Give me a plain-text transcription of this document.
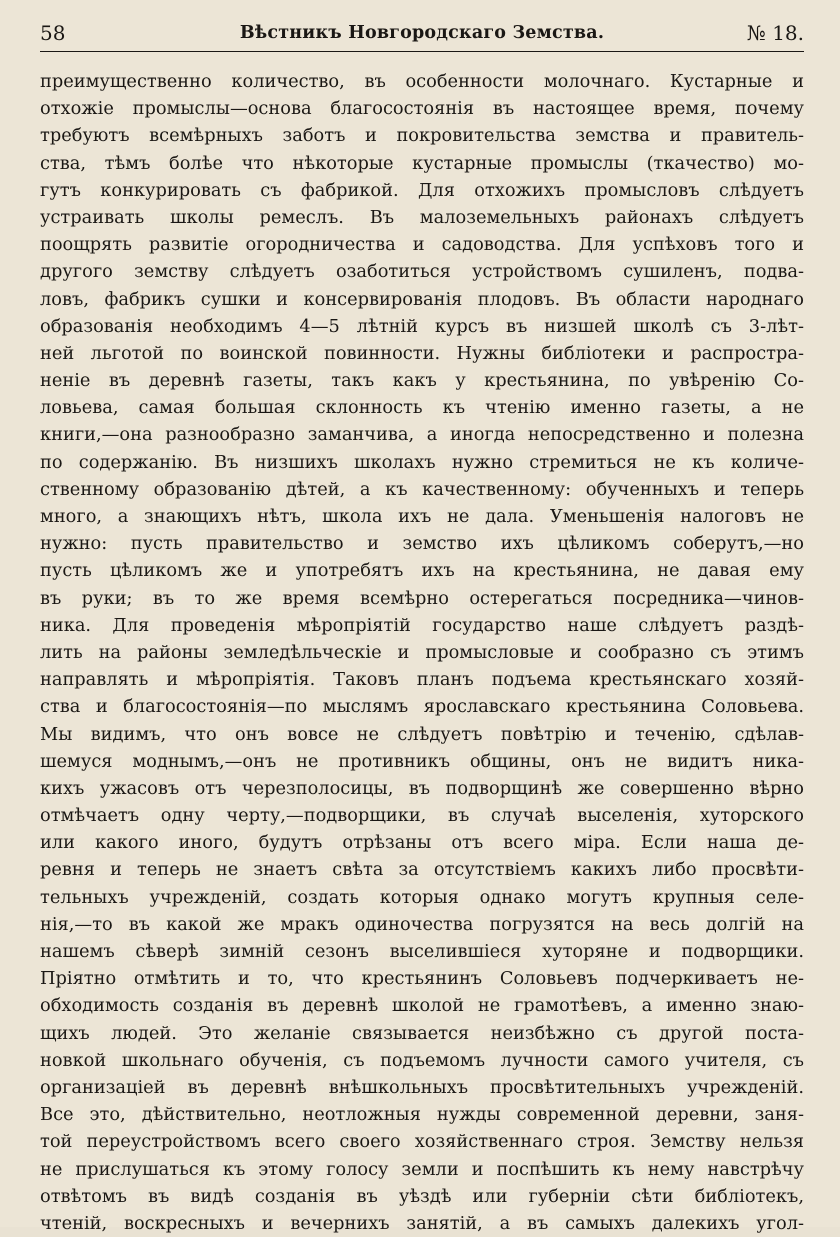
58	Вѣстникъ Новгородскаго Земства.	№ 18.
преимущественно количество, въ особенности молочнаго. Кустарные и
отхожіе промыслы—основа благосостоянія въ настоящее время, почему
требуютъ всемѣрныхъ заботъ и покровительства земства и правитель-
ства, тѣмъ болѣе что нѣкоторые кустарные промыслы (ткачество) мо-
гутъ конкурировать съ фабрикой. Для отхожихъ промысловъ слѣдуетъ
устраивать школы ремеслъ. Въ малоземельныхъ районахъ слѣдуетъ
поощрять развитіе огородничества и садоводства. Для успѣховъ того и
другого земству слѣдуетъ озаботиться устройствомъ сушиленъ, подва-
ловъ, фабрикъ сушки и консервированія плодовъ. Въ области народнаго
образованія необходимъ 4—5 лѣтній курсъ въ низшей школѣ съ 3-лѣт-
ней льготой по воинской повинности. Нужны библіотеки и распростра-
неніе въ деревнѣ газеты, такъ какъ у крестьянина, по увѣренію Со-
ловьева, самая большая склонность къ чтенію именно газеты, а не
книги,—она разнообразно заманчива, а иногда непосредственно и полезна
по содержанію. Въ низшихъ школахъ нужно стремиться не къ количе-
ственному образованію дѣтей, а къ качественному: обученныхъ и теперь
много, а знающихъ нѣтъ, школа ихъ не дала. Уменьшенія налоговъ не
нужно: пусть правительство и земство ихъ цѣликомъ соберутъ,—но
пусть цѣликомъ же и употребятъ ихъ на крестьянина, не давая ему
въ руки; въ то же время всемѣрно остерегаться посредника—чинов-
ника. Для проведенія мѣропріятій государство наше слѣдуетъ раздѣ-
лить на районы земледѣльческіе и промысловые и сообразно съ этимъ
направлять и мѣропріятія. Таковъ планъ подъема крестьянскаго хозяй-
ства и благосостоянія—по мыслямъ ярославскаго крестьянина Соловьева.
Мы видимъ, что онъ вовсе не слѣдуетъ повѣтрію и теченію, сдѣлав-
шемуся моднымъ,—онъ не противникъ общины, онъ не видитъ ника-
кихъ ужасовъ отъ черезполосицы, въ подворщинѣ же совершенно вѣрно
отмѣчаетъ одну черту,—подворщики, въ случаѣ выселенія, хуторского
или какого иного, будутъ отрѣзаны отъ всего міра. Если наша де-
ревня и теперь не знаетъ свѣта за отсутствіемъ какихъ либо просвѣти-
тельныхъ учрежденій, создать которыя однако могутъ крупныя селе-
нія,—то въ какой же мракъ одиночества погрузятся на весь долгій на
нашемъ сѣверѣ зимній сезонъ выселившіеся хуторяне и подворщики.
Пріятно отмѣтить и то, что крестьянинъ Соловьевъ подчеркиваетъ не-
обходимость созданія въ деревнѣ школой не грамотѣевъ, а именно знаю-
щихъ людей. Это желаніе связывается неизбѣжно съ другой поста-
новкой школьнаго обученія, съ подъемомъ лучности самого учителя, съ
организаціей въ деревнѣ внѣшкольныхъ просвѣтительныхъ учрежденій.
Все это, дѣйствительно, неотложныя нужды современной деревни, заня-
той переустройствомъ всего своего хозяйственнаго строя. Земству нельзя
не прислушаться къ этому голосу земли и поспѣшить къ нему навстрѣчу
отвѣтомъ въ видѣ созданія въ уѣздѣ или губерніи сѣти библіотекъ,
чтеній, воскресныхъ и вечернихъ занятій, а въ самыхъ далекихъ угол-
